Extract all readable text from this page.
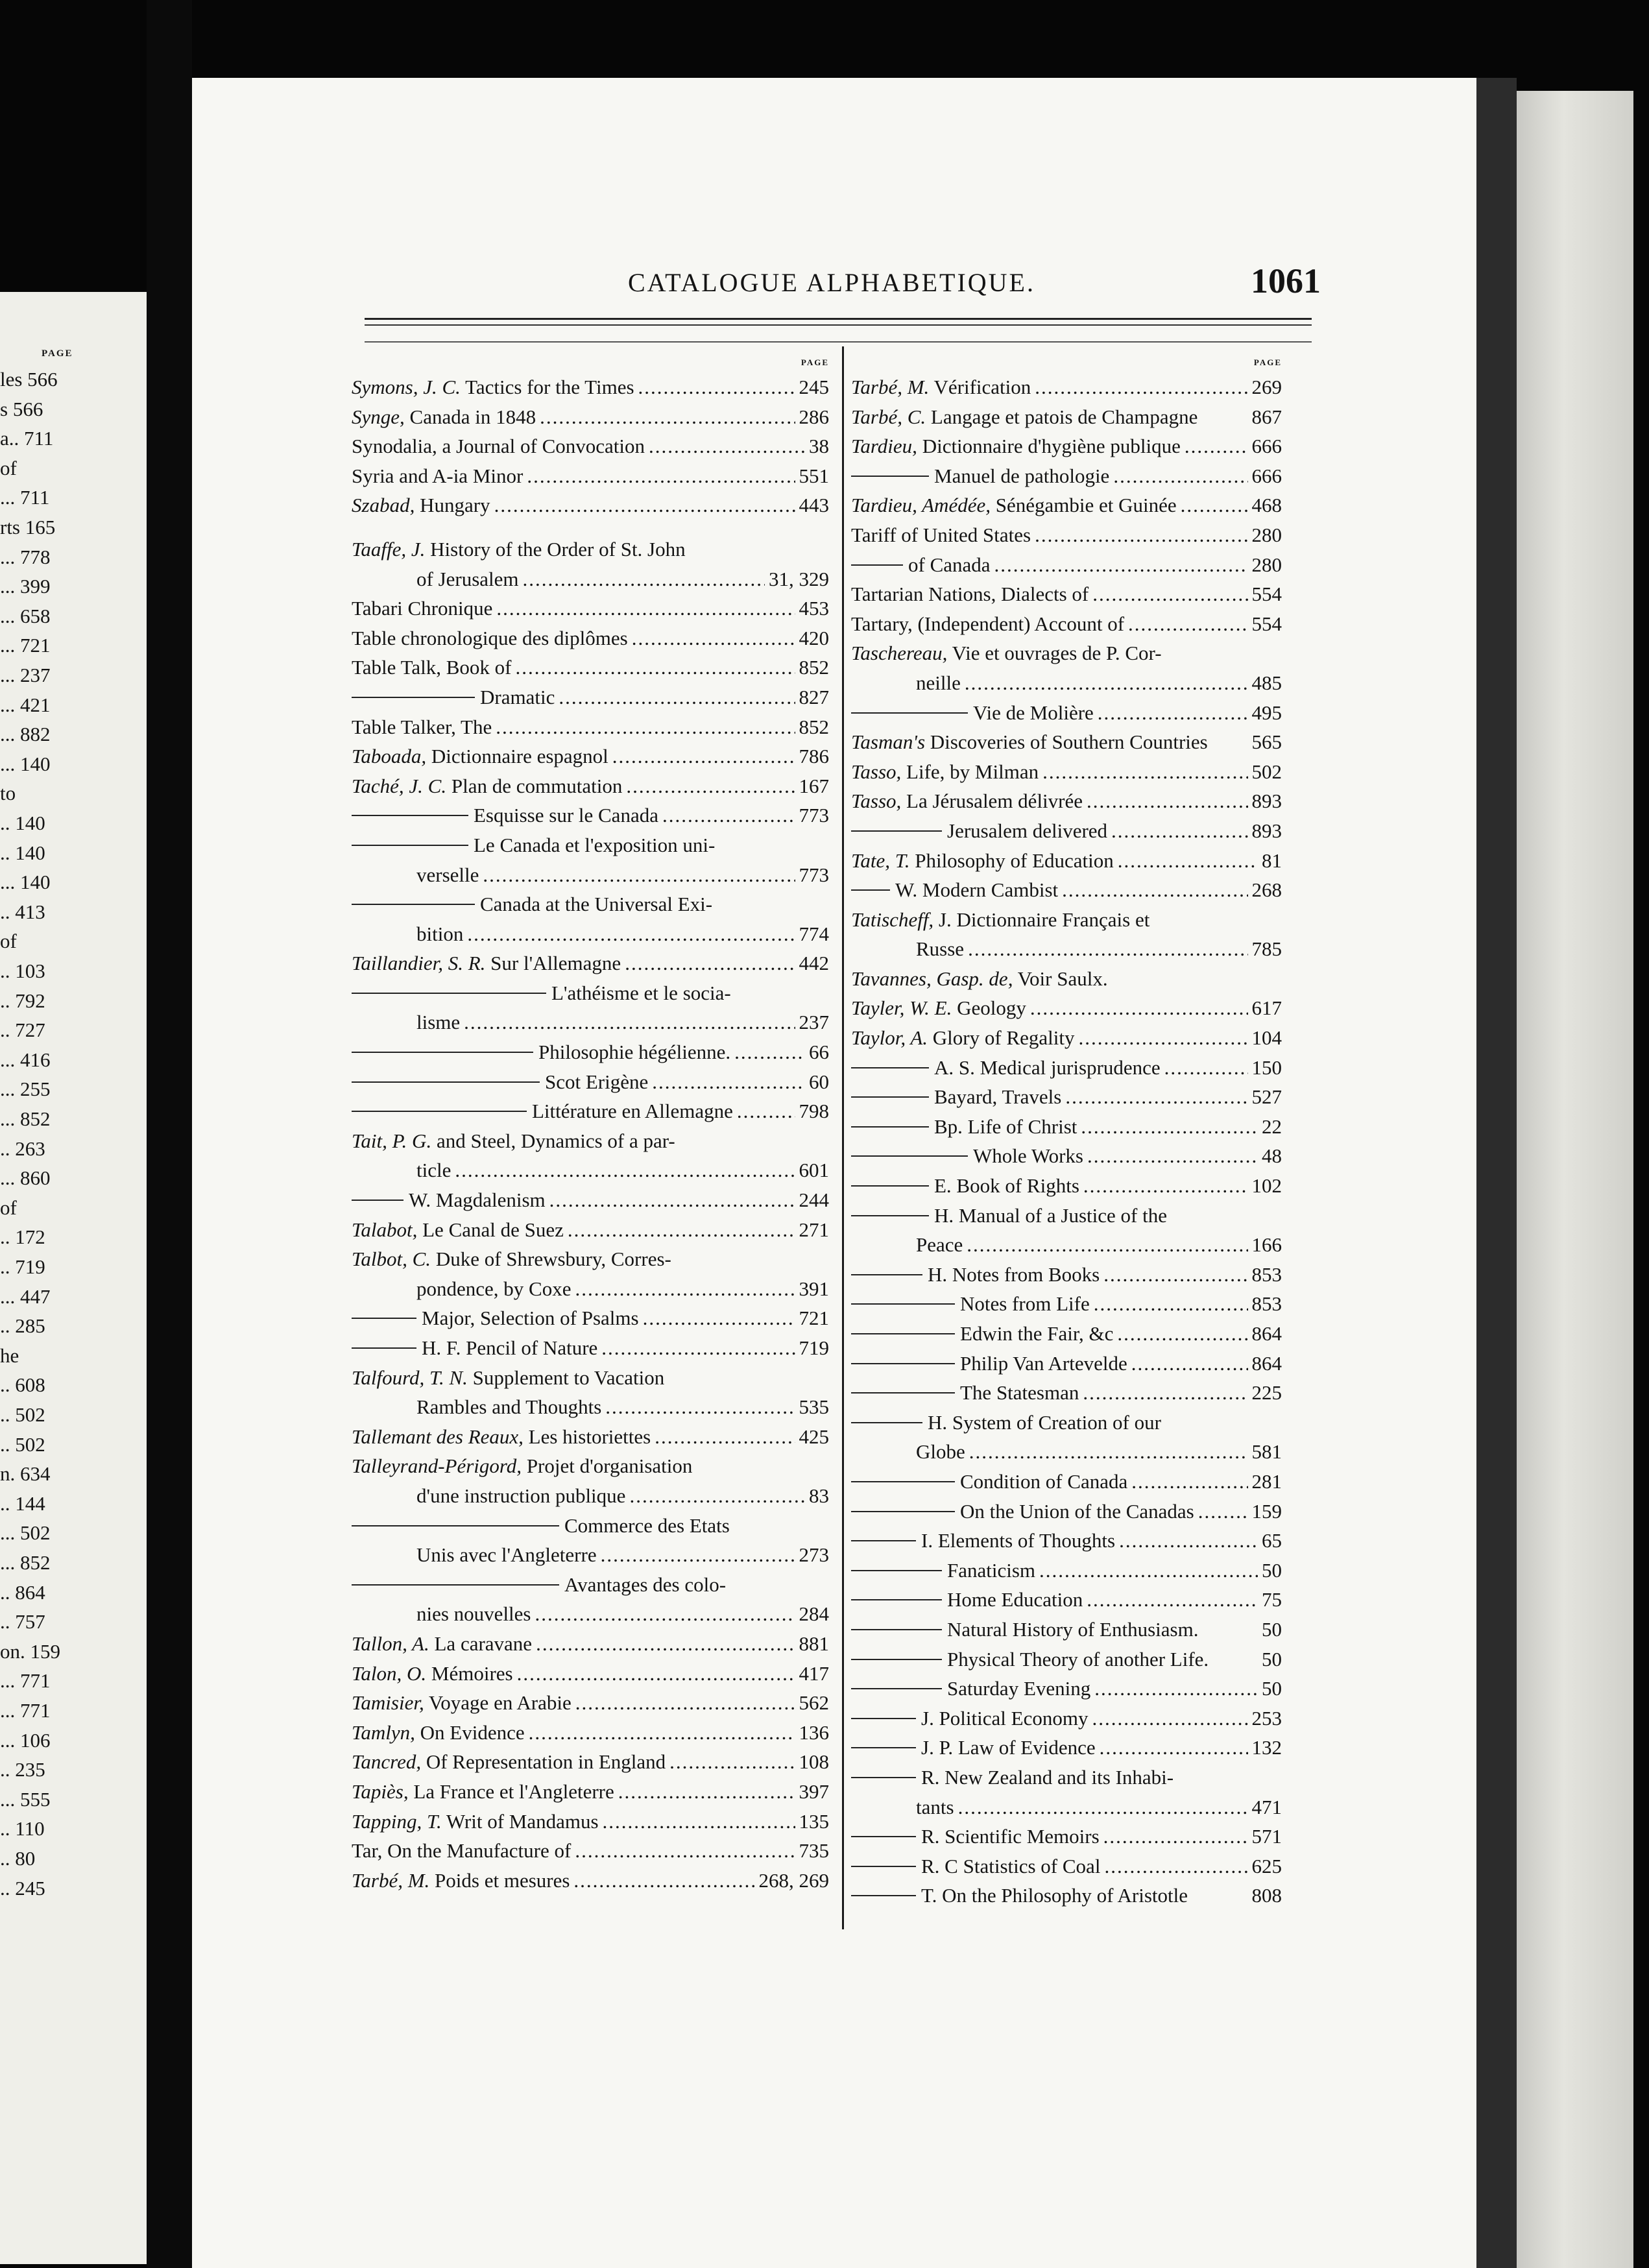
PAGE
les 566
s 566
a.. 711
of
... 711
rts 165
... 778
... 399
... 658
... 721
... 237
... 421
... 882
... 140
to
.. 140
.. 140
... 140
.. 413
of
.. 103
.. 792
.. 727
... 416
... 255
... 852
.. 263
... 860
of
.. 172
.. 719
... 447
.. 285
he
.. 608
.. 502
.. 502
n. 634
.. 144
... 502
... 852
.. 864
.. 757
on. 159
... 771
... 771
... 106
.. 235
... 555
.. 110
.. 80
.. 245
CATALOGUE ALPHABETIQUE.	1061
PAGE
Symons, J. C. Tactics for the Times .....	245
Synge, Canada in 1848 .....	286
Synodalia, a Journal of Convocation .....	38
Syria and A-ia Minor .....	551
Szabad, Hungary .....	443
Taaffe, J. History of the Order of St. John
of Jerusalem .....	31, 329
Tabari Chronique .....	453
Table chronologique des diplômes .....	420
Table Talk, Book of .....	852
Dramatic .....	827
Table Talker, The .....	852
Taboada, Dictionnaire espagnol .....	786
Taché, J. C. Plan de commutation .....	167
Esquisse sur le Canada .....	773
Le Canada et l'exposition uni-
verselle .....	773
Canada at the Universal Exi-
bition .....	774
Taillandier, S. R. Sur l'Allemagne .....	442
L'athéisme et le socia-
lisme .....	237
Philosophie hégélienne. .....	66
Scot Erigène .....	60
Littérature en Allemagne .....	798
Tait, P. G. and Steel, Dynamics of a par-
ticle .....	601
W. Magdalenism .....	244
Talabot, Le Canal de Suez .....	271
Talbot, C. Duke of Shrewsbury, Corres-
pondence, by Coxe .....	391
Major, Selection of Psalms .....	721
H. F. Pencil of Nature .....	719
Talfourd, T. N. Supplement to Vacation
Rambles and Thoughts .....	535
Tallemant des Reaux, Les historiettes .....	425
Talleyrand-Périgord, Projet d'organisation
d'une instruction publique .....	83
Commerce des Etats
Unis avec l'Angleterre .....	273
Avantages des colo-
nies nouvelles .....	284
Tallon, A. La caravane .....	881
Talon, O. Mémoires .....	417
Tamisier, Voyage en Arabie .....	562
Tamlyn, On Evidence .....	136
Tancred, Of Representation in England .....	108
Tapiès, La France et l'Angleterre .....	397
Tapping, T. Writ of Mandamus .....	135
Tar, On the Manufacture of .....	735
Tarbé, M. Poids et mesures .....	268, 269
PAGE
Tarbé, M. Vérification .....	269
Tarbé, C. Langage et patois de Champagne	867
Tardieu, Dictionnaire d'hygiène publique .....	666
Manuel de pathologie .....	666
Tardieu, Amédée, Sénégambie et Guinée .....	468
Tariff of United States .....	280
of Canada .....	280
Tartarian Nations, Dialects of .....	554
Tartary, (Independent) Account of .....	554
Taschereau, Vie et ouvrages de P. Cor-
neille .....	485
Vie de Molière .....	495
Tasman's Discoveries of Southern Countries 565
Tasso, Life, by Milman .....	502
Tasso, La Jérusalem délivrée .....	893
Jerusalem delivered .....	893
Tate, T. Philosophy of Education .....	81
W. Modern Cambist .....	268
Tatischeff, J. Dictionnaire Français et
Russe .....	785
Tavannes, Gasp. de, Voir Saulx.
Tayler, W. E. Geology .....	617
Taylor, A. Glory of Regality .....	104
A. S. Medical jurisprudence .....	150
Bayard, Travels .....	527
Bp. Life of Christ .....	22
Whole Works .....	48
E. Book of Rights .....	102
H. Manual of a Justice of the
Peace .....	166
H. Notes from Books .....	853
Notes from Life .....	853
Edwin the Fair, &c .....	864
Philip Van Artevelde .....	864
The Statesman .....	225
H. System of Creation of our
Globe .....	581
Condition of Canada .....	281
On the Union of the Canadas .....	159
I. Elements of Thoughts .....	65
Fanaticism .....	50
Home Education .....	75
Natural History of Enthusiasm.	50
Physical Theory of another Life.	50
Saturday Evening .....	50
J. Political Economy .....	253
J. P. Law of Evidence .....	132
R. New Zealand and its Inhabi-
tants .....	471
R. Scientific Memoirs .....	571
R. C Statistics of Coal .....	625
T. On the Philosophy of Aristotle	808
